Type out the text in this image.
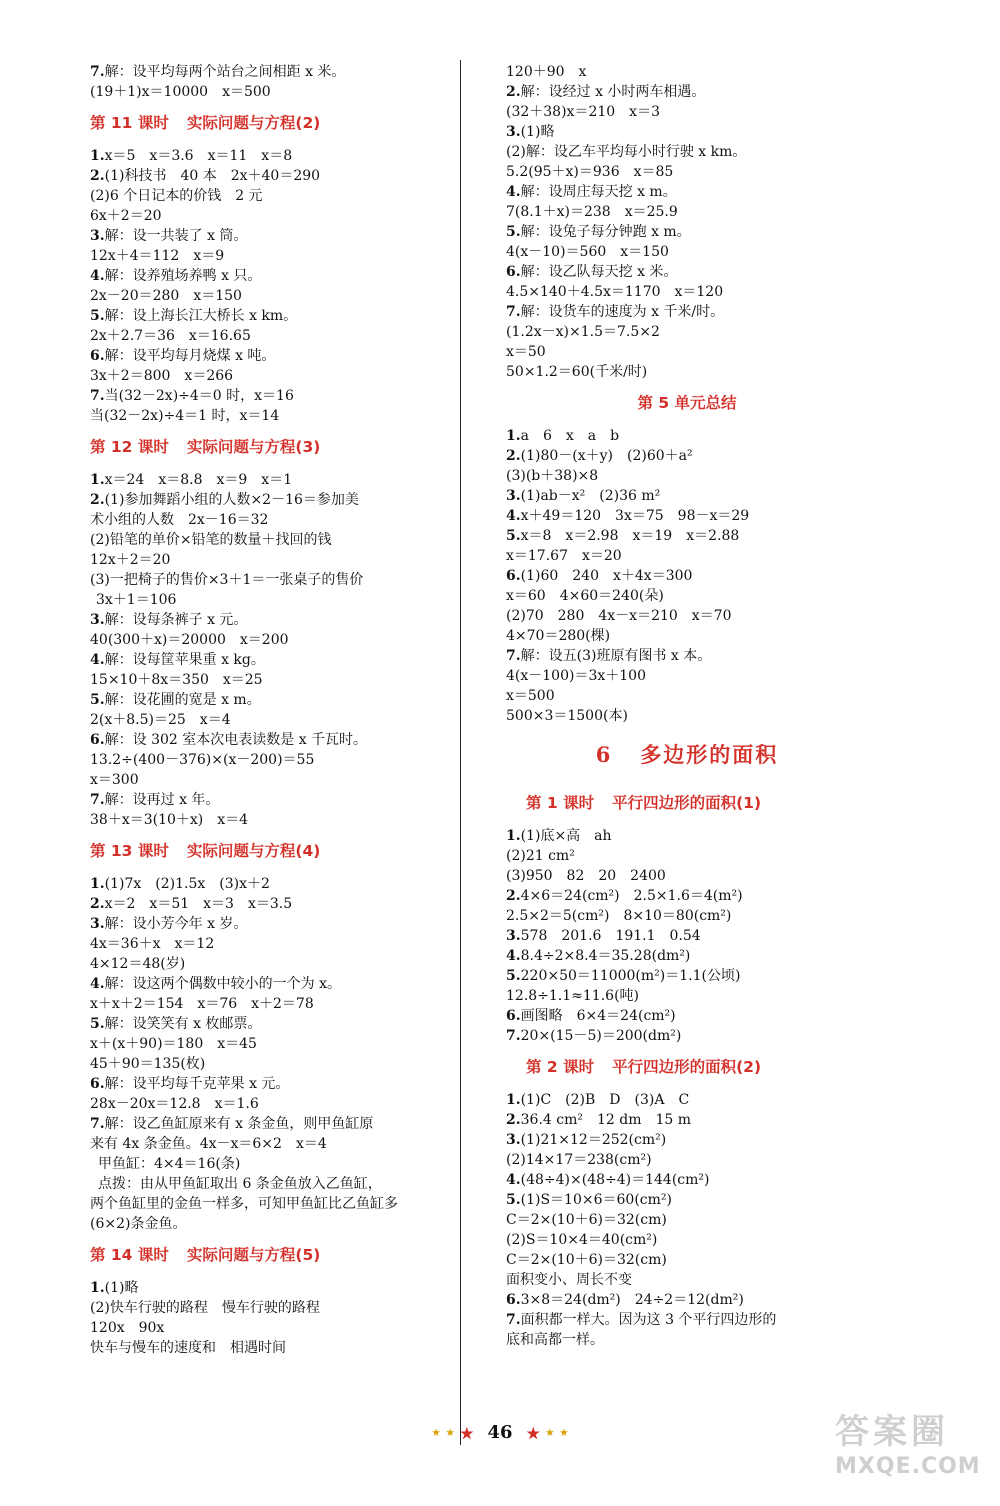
7.解：设平均每两个站台之间相距 x 米。
(19＋1)x＝10000　x＝500
第 11 课时 实际问题与方程(2)
1.x＝5　x＝3.6　x＝11　x＝8
2.(1)科技书　40 本　2x＋40＝290
(2)6 个日记本的价钱　2 元
6x＋2＝20
3.解：设一共装了 x 筒。
12x＋4＝112　x＝9
4.解：设养殖场养鸭 x 只。
2x－20＝280　x＝150
5.解：设上海长江大桥长 x km。
2x＋2.7＝36　x＝16.65
6.解：设平均每月烧煤 x 吨。
3x＋2＝800　x＝266
7.当(32－2x)÷4＝0 时，x＝16
当(32－2x)÷4＝1 时，x＝14
第 12 课时 实际问题与方程(3)
1.x＝24　x＝8.8　x＝9　x＝1
2.(1)参加舞蹈小组的人数×2－16＝参加美
术小组的人数　2x－16＝32
(2)铅笔的单价×铅笔的数量＋找回的钱
12x＋2＝20
(3)一把椅子的售价×3＋1＝一张桌子的售价
3x＋1＝106
3.解：设每条裤子 x 元。
40(300＋x)＝20000　x＝200
4.解：设每筐苹果重 x kg。
15×10＋8x＝350　x＝25
5.解：设花圃的宽是 x m。
2(x＋8.5)＝25　x＝4
6.解：设 302 室本次电表读数是 x 千瓦时。
13.2÷(400－376)×(x－200)＝55
x＝300
7.解：设再过 x 年。
38＋x＝3(10＋x)　x＝4
第 13 课时 实际问题与方程(4)
1.(1)7x　(2)1.5x　(3)x＋2
2.x＝2　x＝51　x＝3　x＝3.5
3.解：设小芳今年 x 岁。
4x＝36＋x　x＝12
4×12＝48(岁)
4.解：设这两个偶数中较小的一个为 x。
x＋x＋2＝154　x＝76　x＋2＝78
5.解：设笑笑有 x 枚邮票。
x＋(x＋90)＝180　x＝45
45＋90＝135(枚)
6.解：设平均每千克苹果 x 元。
28x－20x＝12.8　x＝1.6
7.解：设乙鱼缸原来有 x 条金鱼，则甲鱼缸原
来有 4x 条金鱼。4x－x＝6×2　x＝4
甲鱼缸：4×4＝16(条)
点拨：由从甲鱼缸取出 6 条金鱼放入乙鱼缸，
两个鱼缸里的金鱼一样多，可知甲鱼缸比乙鱼缸多
(6×2)条金鱼。
第 14 课时 实际问题与方程(5)
1.(1)略
(2)快车行驶的路程　慢车行驶的路程
120x　90x
快车与慢车的速度和　相遇时间
120＋90　x
2.解：设经过 x 小时两车相遇。
(32＋38)x＝210　x＝3
3.(1)略
(2)解：设乙车平均每小时行驶 x km。
5.2(95＋x)＝936　x＝85
4.解：设周庄每天挖 x m。
7(8.1＋x)＝238　x＝25.9
5.解：设兔子每分钟跑 x m。
4(x－10)＝560　x＝150
6.解：设乙队每天挖 x 米。
4.5×140＋4.5x＝1170　x＝120
7.解：设货车的速度为 x 千米/时。
(1.2x－x)×1.5＝7.5×2
x＝50
50×1.2＝60(千米/时)
第 5 单元总结
1.a　6　x　a　b
2.(1)80－(x＋y)　(2)60＋a²
(3)(b＋38)×8
3.(1)ab－x²　(2)36 m²
4.x＋49＝120　3x＝75　98－x＝29
5.x＝8　x＝2.98　x＝19　x＝2.88
x＝17.67　x＝20
6.(1)60　240　x＋4x＝300
x＝60　4×60＝240(朵)
(2)70　280　4x－x＝210　x＝70
4×70＝280(棵)
7.解：设五(3)班原有图书 x 本。
4(x－100)＝3x＋100
x＝500
500×3＝1500(本)
6 多边形的面积
第 1 课时 平行四边形的面积(1)
1.(1)底×高　ah
(2)21 cm²
(3)950　82　20　2400
2.4×6＝24(cm²)　2.5×1.6＝4(m²)
2.5×2＝5(cm²)　8×10＝80(cm²)
3.578　201.6　191.1　0.54
4.8.4÷2×8.4＝35.28(dm²)
5.220×50＝11000(m²)＝1.1(公顷)
12.8÷1.1≈11.6(吨)
6.画图略　6×4＝24(cm²)
7.20×(15－5)＝200(dm²)
第 2 课时 平行四边形的面积(2)
1.(1)C　(2)B　D　(3)A　C
2.36.4 cm²　12 dm　15 m
3.(1)21×12＝252(cm²)
(2)14×17＝238(cm²)
4.(48÷4)×(48÷4)＝144(cm²)
5.(1)S＝10×6＝60(cm²)
C＝2×(10＋6)＝32(cm)
(2)S＝10×4＝40(cm²)
C＝2×(10＋6)＝32(cm)
面积变小、周长不变
6.3×8＝24(dm²)　24÷2＝12(dm²)
7.面积都一样大。因为这 3 个平行四边形的
底和高都一样。
★ ★ ★ 46 ★ ★ ★	答案圈
MXQE.COM
